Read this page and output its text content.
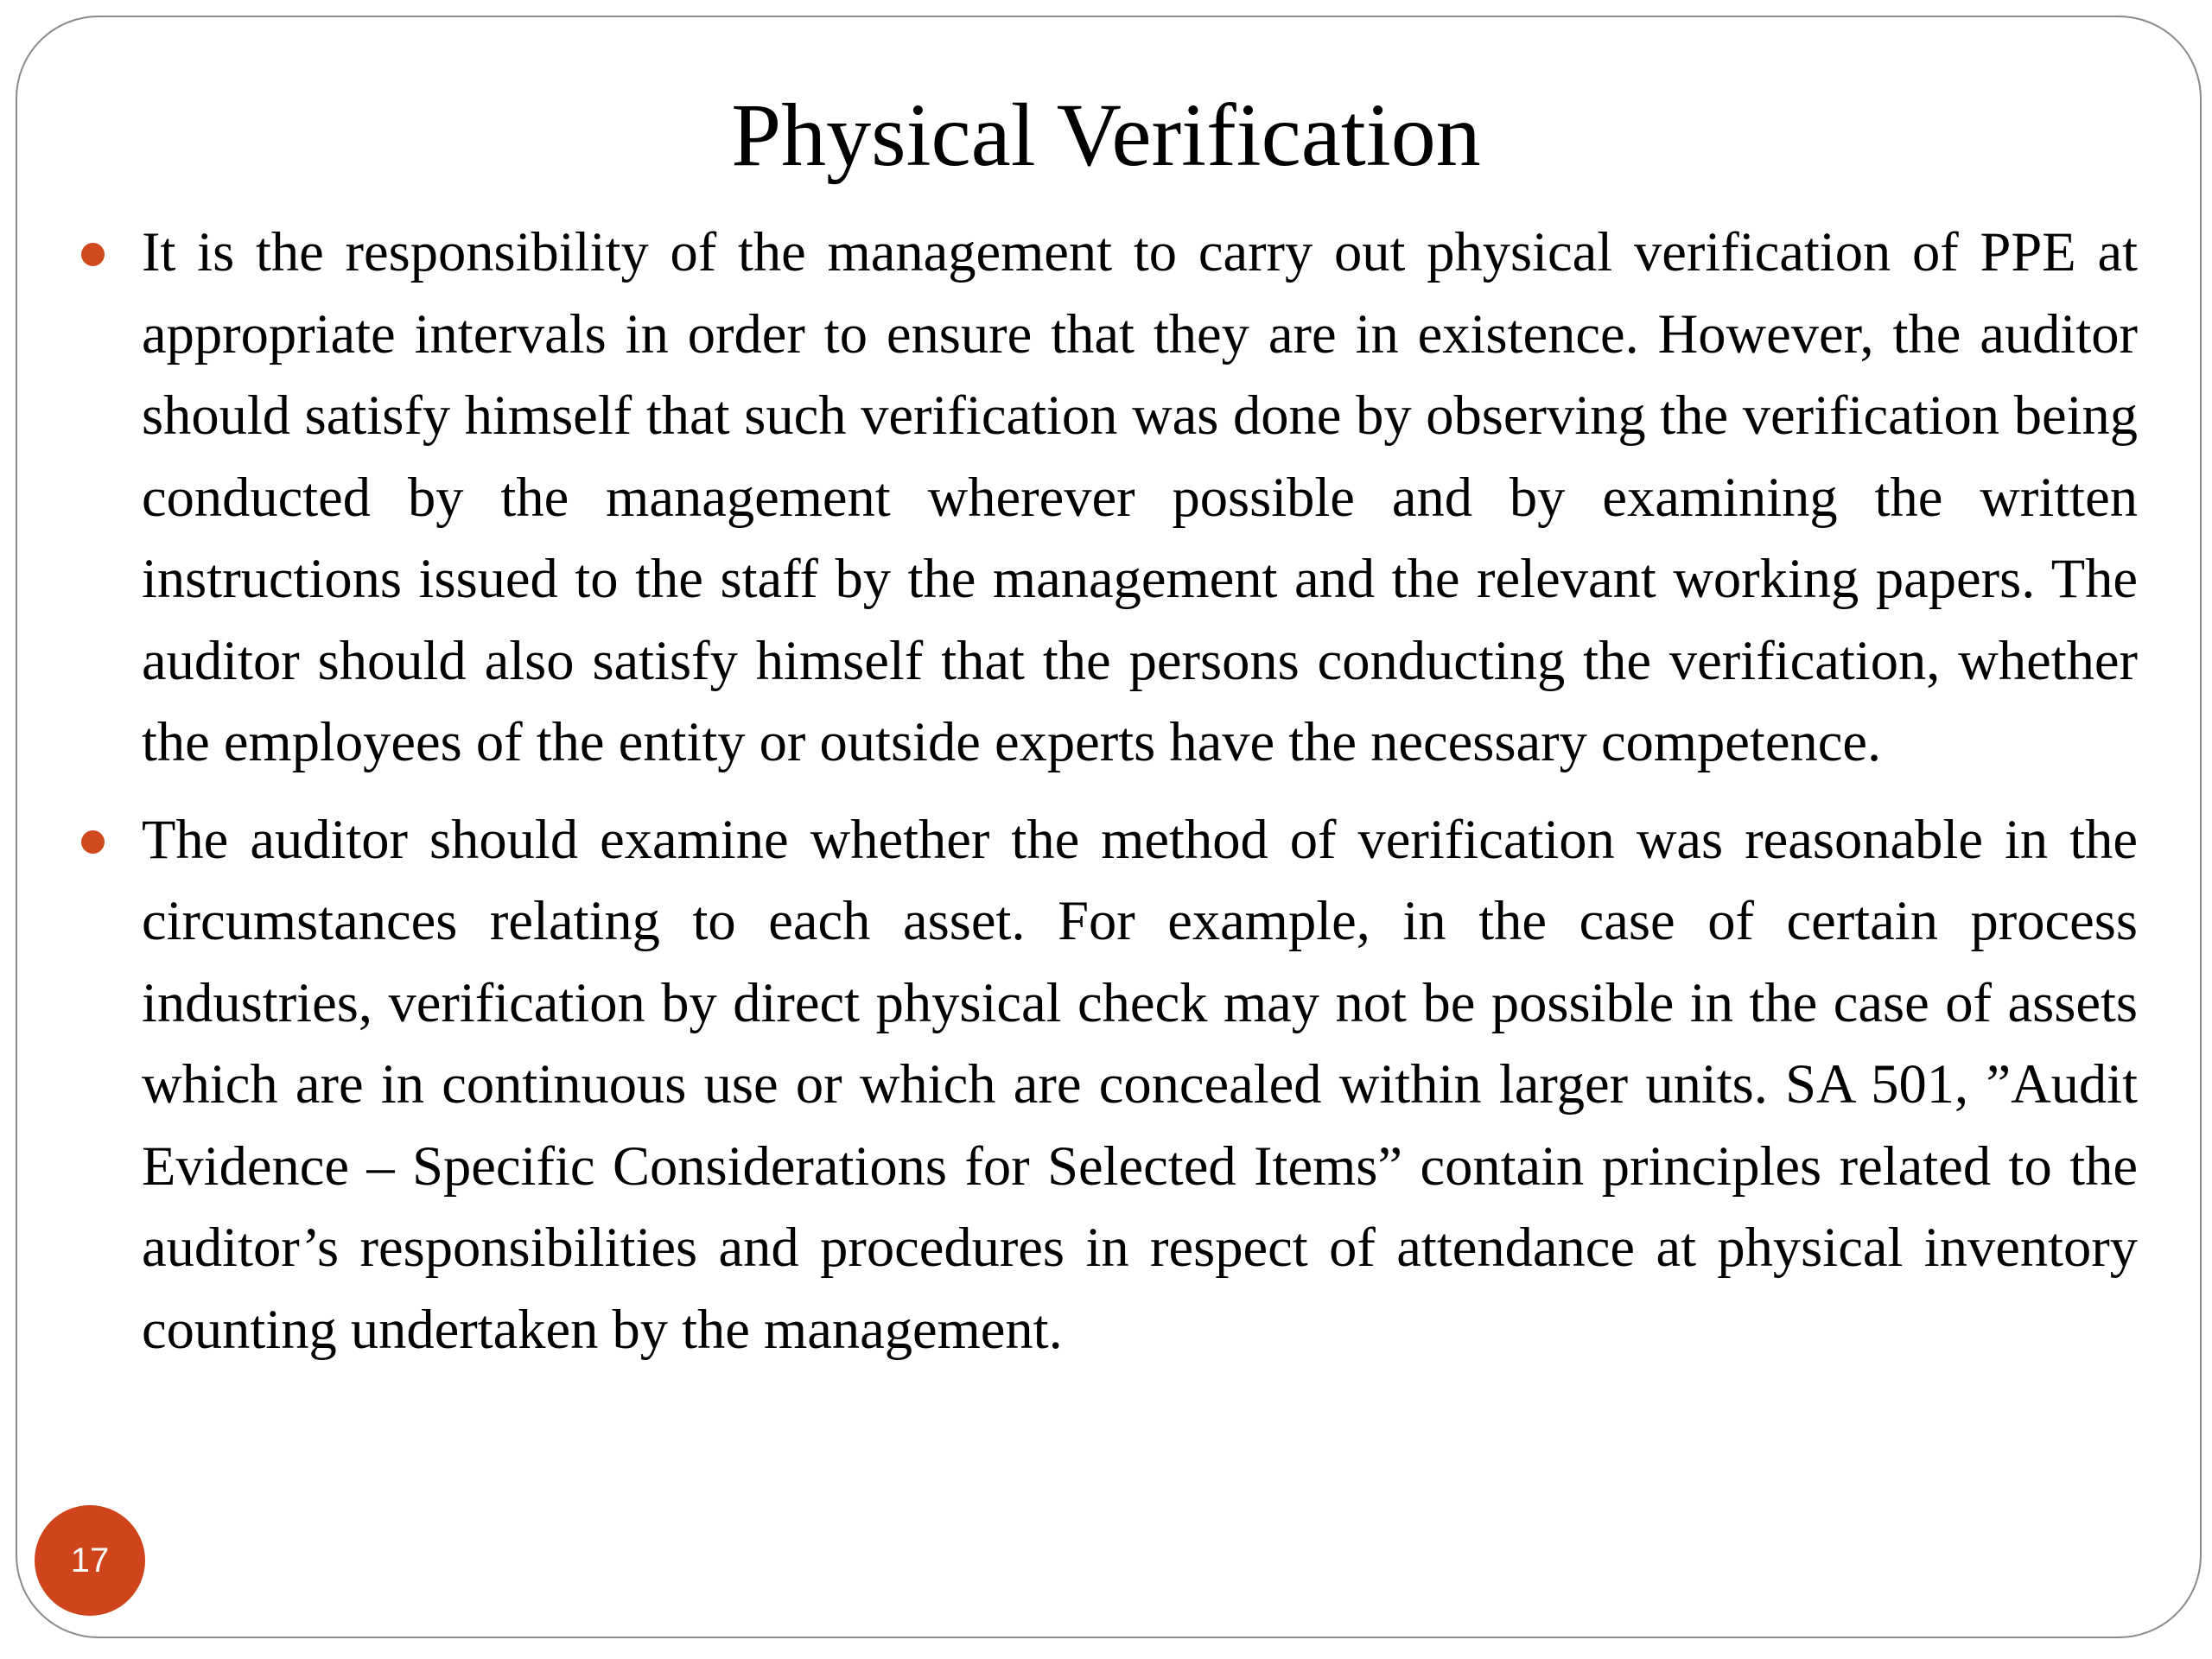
Physical Verification
It is the responsibility of the management to carry out physical verification of PPE at appropriate intervals in order to ensure that they are in existence. However, the auditor should satisfy himself that such verification was done by observing the verification being conducted by the management wherever possible and by examining the written instructions issued to the staff by the management and the relevant working papers. The auditor should also satisfy himself that the persons conducting the verification, whether the employees of the entity or outside experts have the necessary competence.
The auditor should examine whether the method of verification was reasonable in the circumstances relating to each asset. For example, in the case of certain process industries, verification by direct physical check may not be possible in the case of assets which are in continuous use or which are concealed within larger units. SA 501, ”Audit Evidence – Specific Considerations for Selected Items” contain principles related to the auditor’s responsibilities and procedures in respect of attendance at physical inventory counting undertaken by the management.
17
